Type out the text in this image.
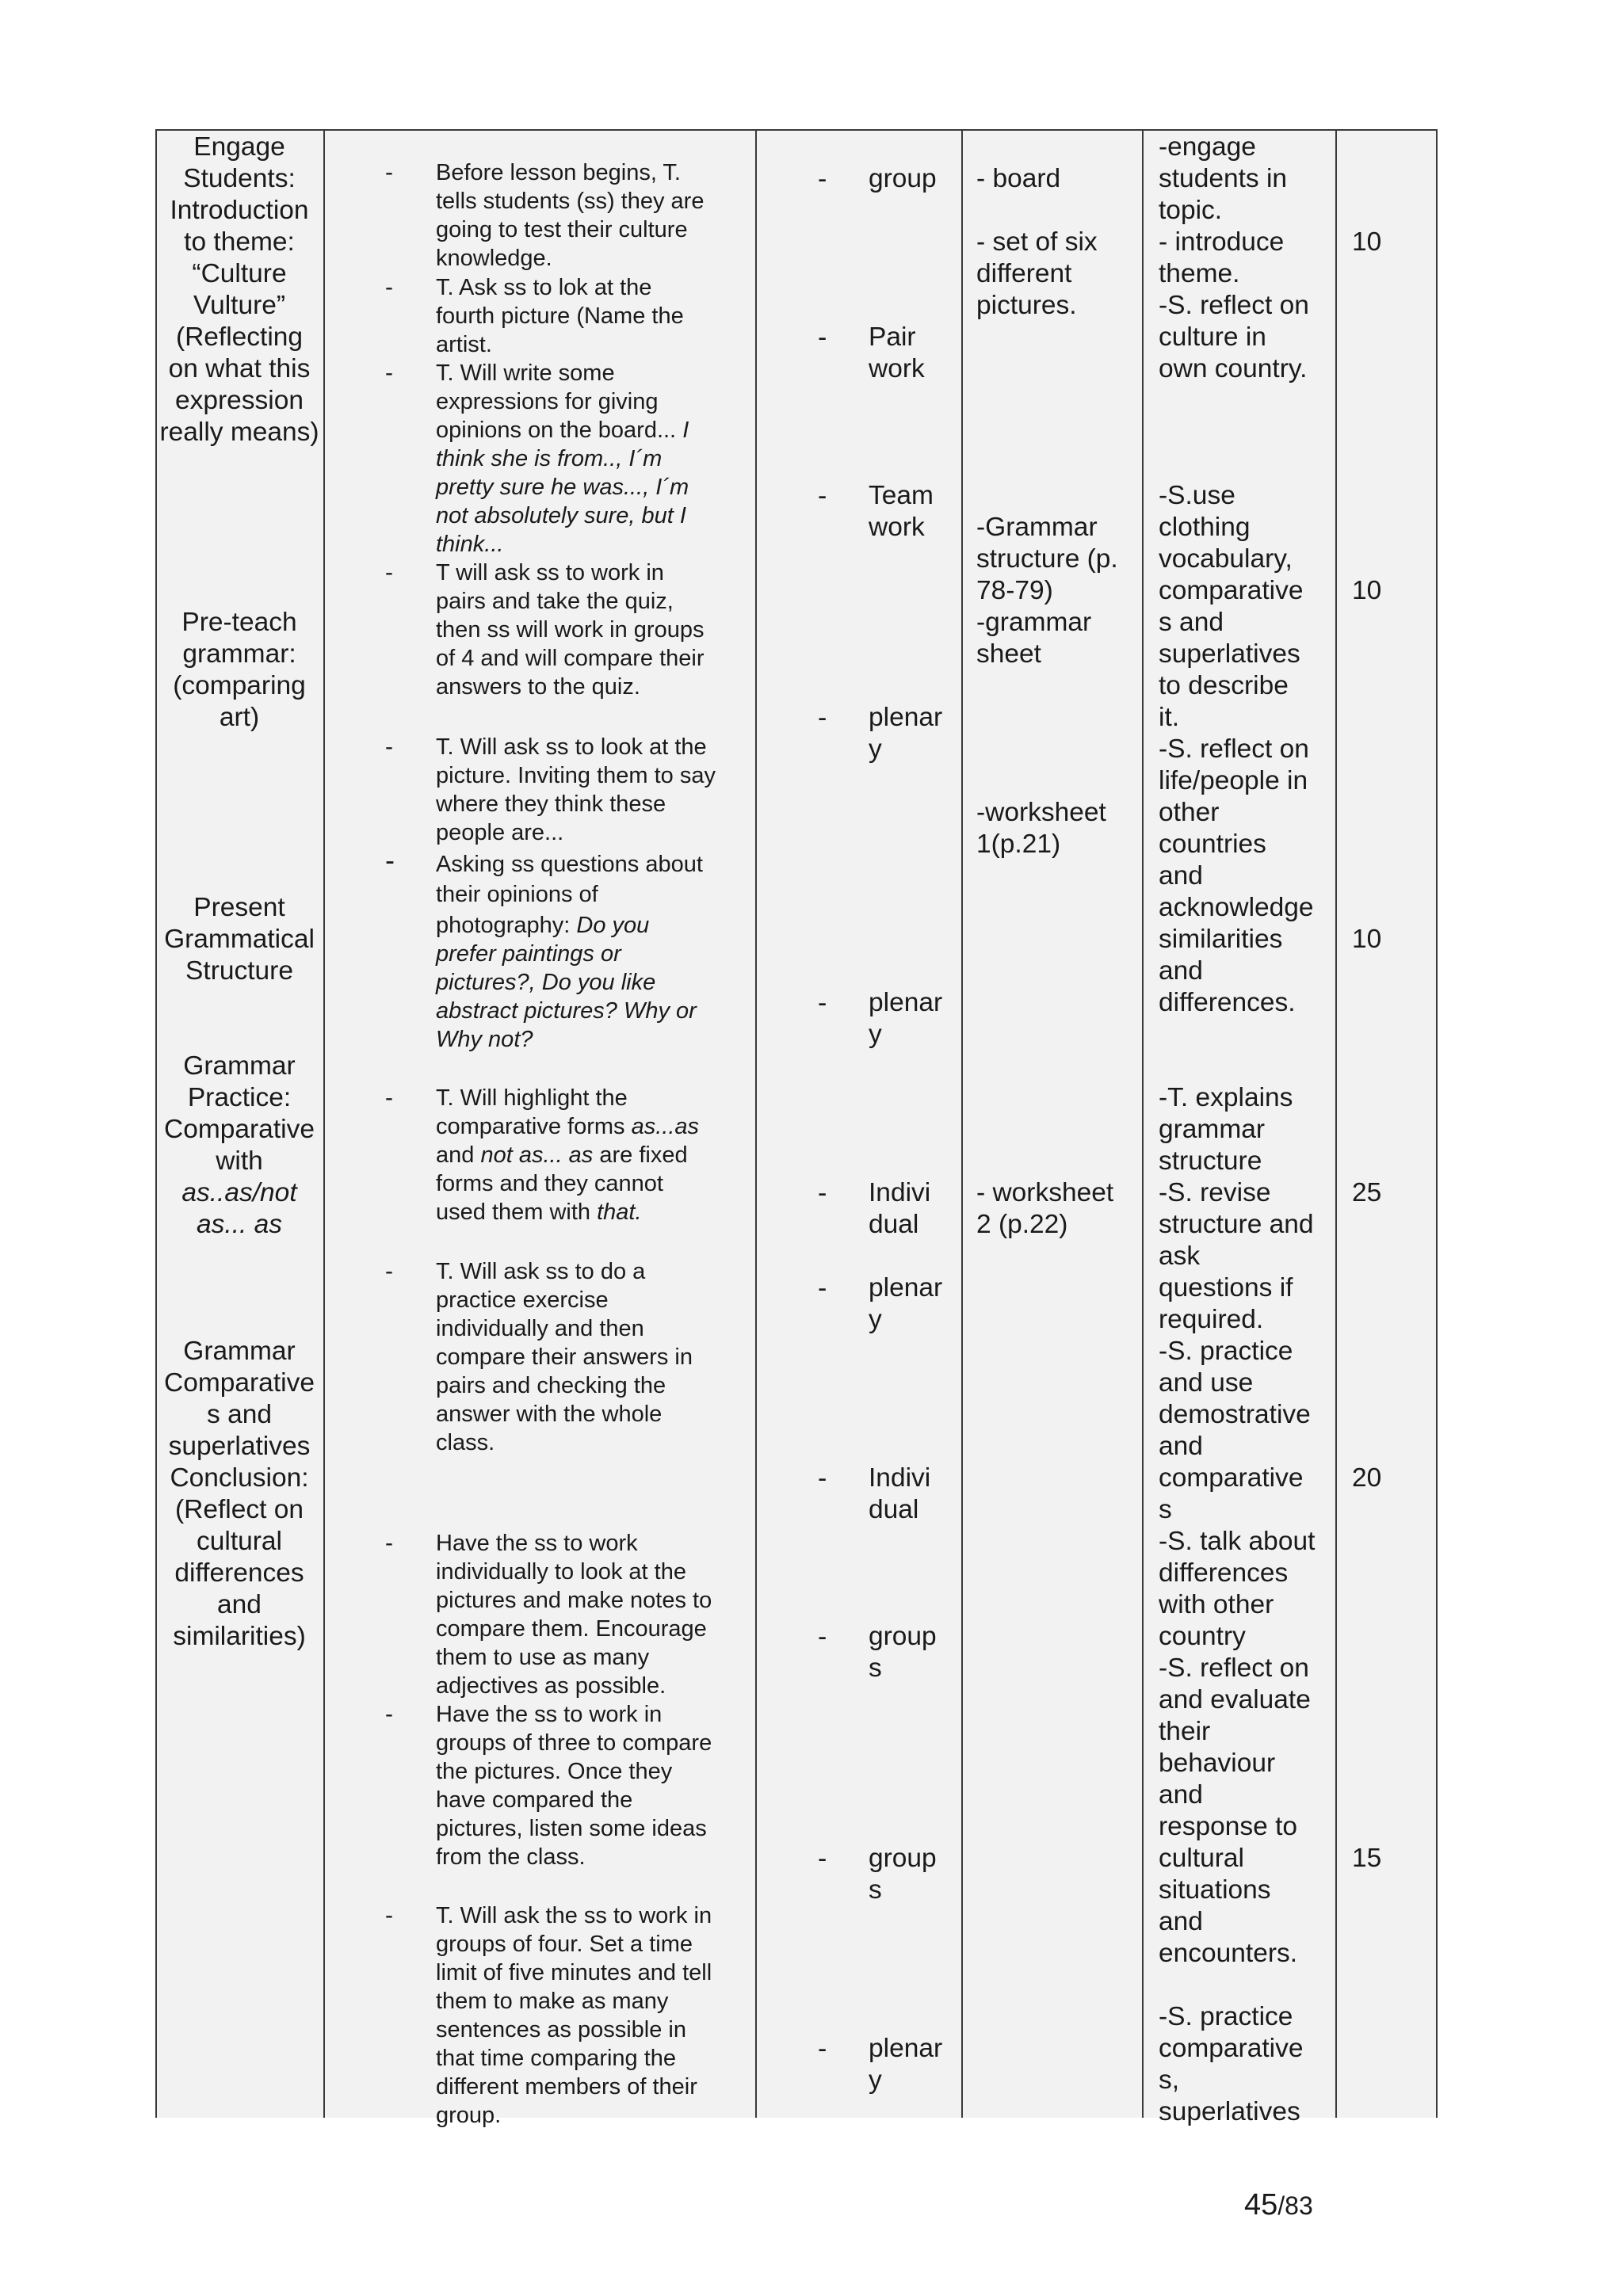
Engage
Students:
Introduction
to theme:
“Culture
Vulture”
(Reflecting
on what this
expression
really means)
Pre-teach
grammar:
(comparing
art)
Present
Grammatical
Structure
Grammar
Practice:
Comparative
with
as..as/not
as... as
Grammar
Comparative
s and
superlatives
Conclusion:
(Reflect on
cultural
differences
and
similarities)
-
-
-
-
-
-
-
-
-
-
-
Before lesson begins, T.
tells students (ss) they are
going to test their culture
knowledge.
T. Ask ss to lok at the
fourth picture (Name the
artist.
T. Will write some
expressions for giving
opinions on the board... I
think she is from.., I´m
pretty sure he was..., I´m
not absolutely sure, but I
think...
T will ask ss to work in
pairs and take the quiz,
then ss will work in groups
of 4 and will compare their
answers to the quiz.
T. Will ask ss to look at the
picture. Inviting them to say
where they think these
people are...
Asking ss questions about
their opinions of
photography: Do you
prefer paintings or
pictures?, Do you like
abstract pictures? Why or
Why not?
T. Will highlight the
comparative forms as...as
and not as... as are fixed
forms and they cannot
used them with that.
T. Will ask ss to do a
practice exercise
individually and then
compare their answers in
pairs and checking the
answer with the whole
class.
Have the ss to work
individually to look at the
pictures and make notes to
compare them. Encourage
them to use as many
adjectives as possible.
Have the ss to work in
groups of three to compare
the pictures. Once they
have compared the
pictures, listen some ideas
from the class.
T. Will ask the ss to work in
groups of four. Set a time
limit of five minutes and tell
them to make as many
sentences as possible in
that time comparing the
different members of their
group.
-
-
-
-
-
-
-
-
-
-
-
group
Pair
work
Team
work
plenar
y
plenar
y
Indivi
dual
plenar
y
Indivi
dual
group
s
group
s
plenar
y
- board
- set of six
different
pictures.
-Grammar
structure (p.
78-79)
-grammar
sheet
-worksheet
1(p.21)
- worksheet
2 (p.22)
-engage
students in
topic.
- introduce
theme.
-S. reflect on
culture in
own country.
-S.use
clothing
vocabulary,
comparative
s and
superlatives
to describe
it.
-S. reflect on
life/people in
other
countries
and
acknowledge
similarities
and
differences.
-T. explains
grammar
structure
-S. revise
structure and
ask
questions if
required.
-S. practice
and use
demostrative
and
comparative
s
-S. talk about
differences
with other
country
-S. reflect on
and evaluate
their
behaviour
and
response to
cultural
situations
and
encounters.
-S. practice
comparative
s,
superlatives
10
10
10
25
20
15
45/83
